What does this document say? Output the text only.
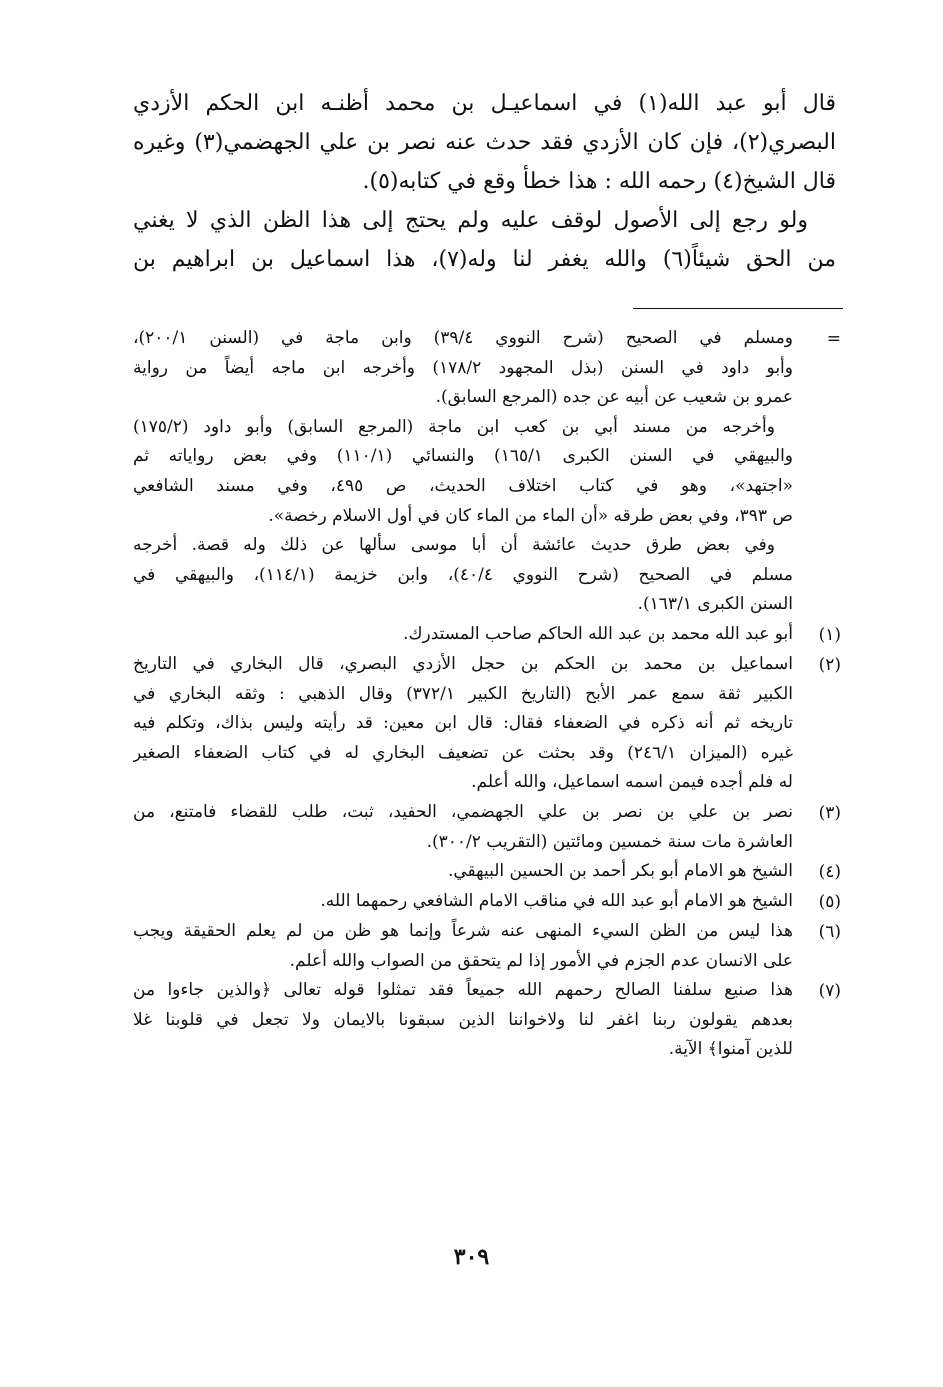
قال أبو عبد الله(١) في اسماعيـل بن محمد أظنـه ابن الحكم الأزدي
البصري(٢)، فإن كان الأزدي فقد حدث عنه نصر بن علي الجهضمي(٣) وغيره
قال الشيخ(٤) رحمه الله : هذا خطأ وقع في كتابه(٥).
ولو رجع إلى الأصول لوقف عليه ولم يحتج إلى هذا الظن الذي لا يغني
من الحق شيئاً(٦) والله يغفر لنا وله(٧)، هذا اسماعيل بن ابراهيم بن
=
ومسلم في الصحيح (شرح النووي ٣٩/٤) وابن ماجة في (السنن ٢٠٠/١)،
وأبو داود في السنن (بذل المجهود ١٧٨/٢) وأخرجه ابن ماجه أيضاً من رواية
عمرو بن شعيب عن أبيه عن جده (المرجع السابق).
وأخرجه من مسند أبي بن كعب ابن ماجة (المرجع السابق) وأبو داود (١٧٥/٢)
والبيهقي في السنن الكبرى ١٦٥/١) والنسائي (١١٠/١) وفي بعض رواياته ثم
«اجتهد»، وهو في كتاب اختلاف الحديث، ص ٤٩٥، وفي مسند الشافعي
ص ٣٩٣، وفي بعض طرقه «أن الماء من الماء كان في أول الاسلام رخصة».
وفي بعض طرق حديث عائشة أن أبا موسى سألها عن ذلك وله قصة. أخرجه
مسلم في الصحيح (شرح النووي ٤٠/٤)، وابن خزيمة (١١٤/١)، والبيهقي في
السنن الكبرى ١٦٣/١).
(١)
أبو عبد الله محمد بن عبد الله الحاكم صاحب المستدرك.
(٢)
اسماعيل بن محمد بن الحكم بن حجل الأزدي البصري، قال البخاري في التاريخ
الكبير ثقة سمع عمر الأبح (التاريخ الكبير ٣٧٢/١) وقال الذهبي : وثقه البخاري في
تاريخه ثم أنه ذكره في الضعفاء فقال: قال ابن معين: قد رأيته وليس بذاك، وتكلم فيه
غيره (الميزان ٢٤٦/١) وقد بحثت عن تضعيف البخاري له في كتاب الضعفاء الصغير
له فلم أجده فيمن اسمه اسماعيل، والله أعلم.
(٣)
نصر بن علي بن نصر بن علي الجهضمي، الحفيد، ثبت، طلب للقضاء فامتنع، من
العاشرة مات سنة خمسين ومائتين (التقريب ٣٠٠/٢).
(٤)
الشيخ هو الامام أبو بكر أحمد بن الحسين البيهقي.
(٥)
الشيخ هو الامام أبو عبد الله في مناقب الامام الشافعي رحمهما الله.
(٦)
هذا ليس من الظن السيء المنهى عنه شرعاً وإنما هو ظن من لم يعلم الحقيقة ويجب
على الانسان عدم الجزم في الأمور إذا لم يتحقق من الصواب والله أعلم.
(٧)
هذا صنيع سلفنا الصالح رحمهم الله جميعاً فقد تمثلوا قوله تعالى ﴿والذين جاءوا من
بعدهم يقولون ربنا اغفر لنا ولاخواننا الذين سبقونا بالايمان ولا تجعل في قلوبنا غلا
للذين آمنوا﴾ الآية.
٣٠٩
